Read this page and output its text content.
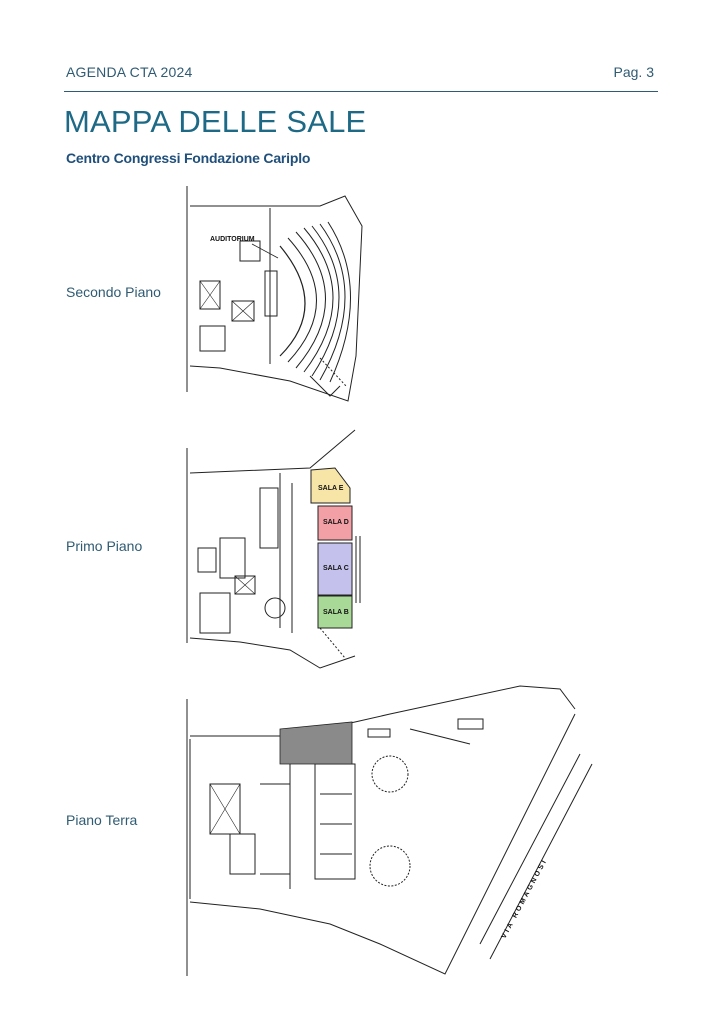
AGENDA CTA 2024	Pag. 3
MAPPA DELLE SALE
Centro Congressi Fondazione Cariplo
Secondo Piano
AUDITORIUM
Primo Piano
SALA E
SALA D
SALA C
SALA B
Piano Terra
VIA ROMAGNOSI
